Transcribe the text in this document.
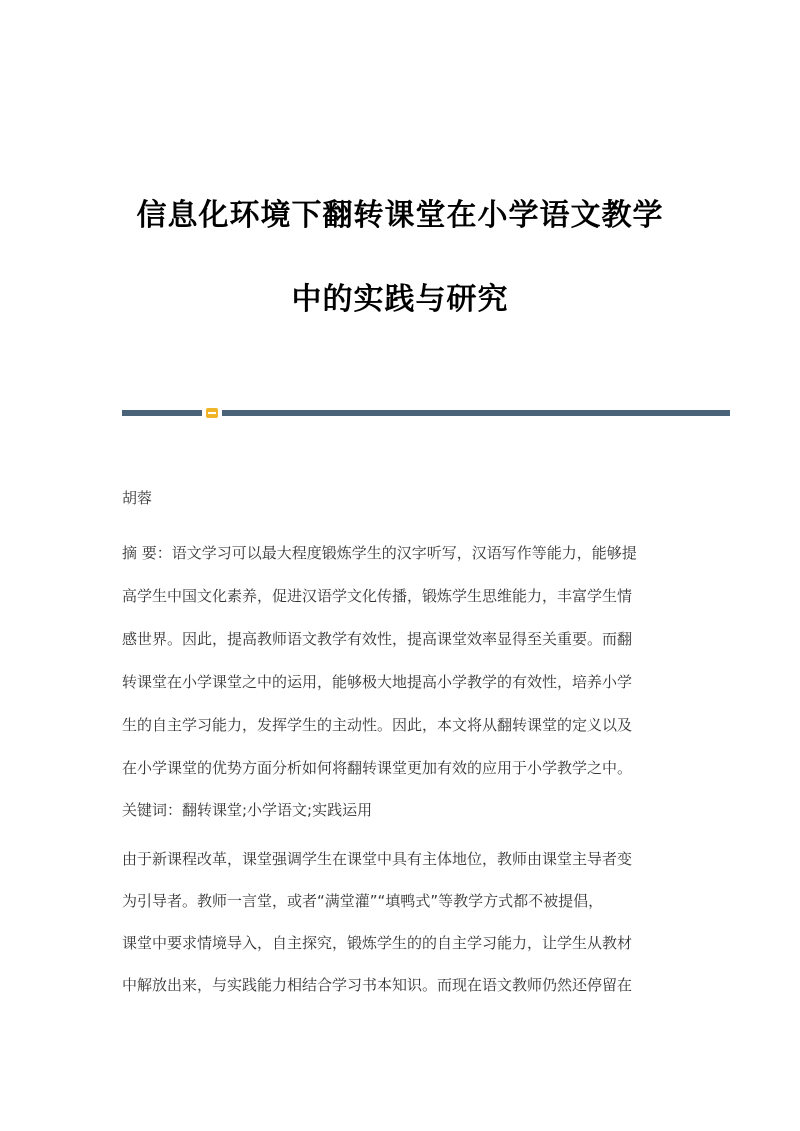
信息化环境下翻转课堂在小学语文教学
中的实践与研究
胡蓉
摘 要：语文学习可以最大程度锻炼学生的汉字听写，汉语写作等能力，能够提
高学生中国文化素养，促进汉语学文化传播，锻炼学生思维能力，丰富学生情
感世界。因此，提高教师语文教学有效性，提高课堂效率显得至关重要。而翻
转课堂在小学课堂之中的运用，能够极大地提高小学教学的有效性，培养小学
生的自主学习能力，发挥学生的主动性。因此，本文将从翻转课堂的定义以及
在小学课堂的优势方面分析如何将翻转课堂更加有效的应用于小学教学之中。
关键词：翻转课堂;小学语文;实践运用
由于新课程改革，课堂强调学生在课堂中具有主体地位，教师由课堂主导者变
为引导者。教师一言堂，或者“满堂灌”“填鸭式”等教学方式都不被提倡，
课堂中要求情境导入，自主探究，锻炼学生的的自主学习能力，让学生从教材
中解放出来，与实践能力相结合学习书本知识。而现在语文教师仍然还停留在
